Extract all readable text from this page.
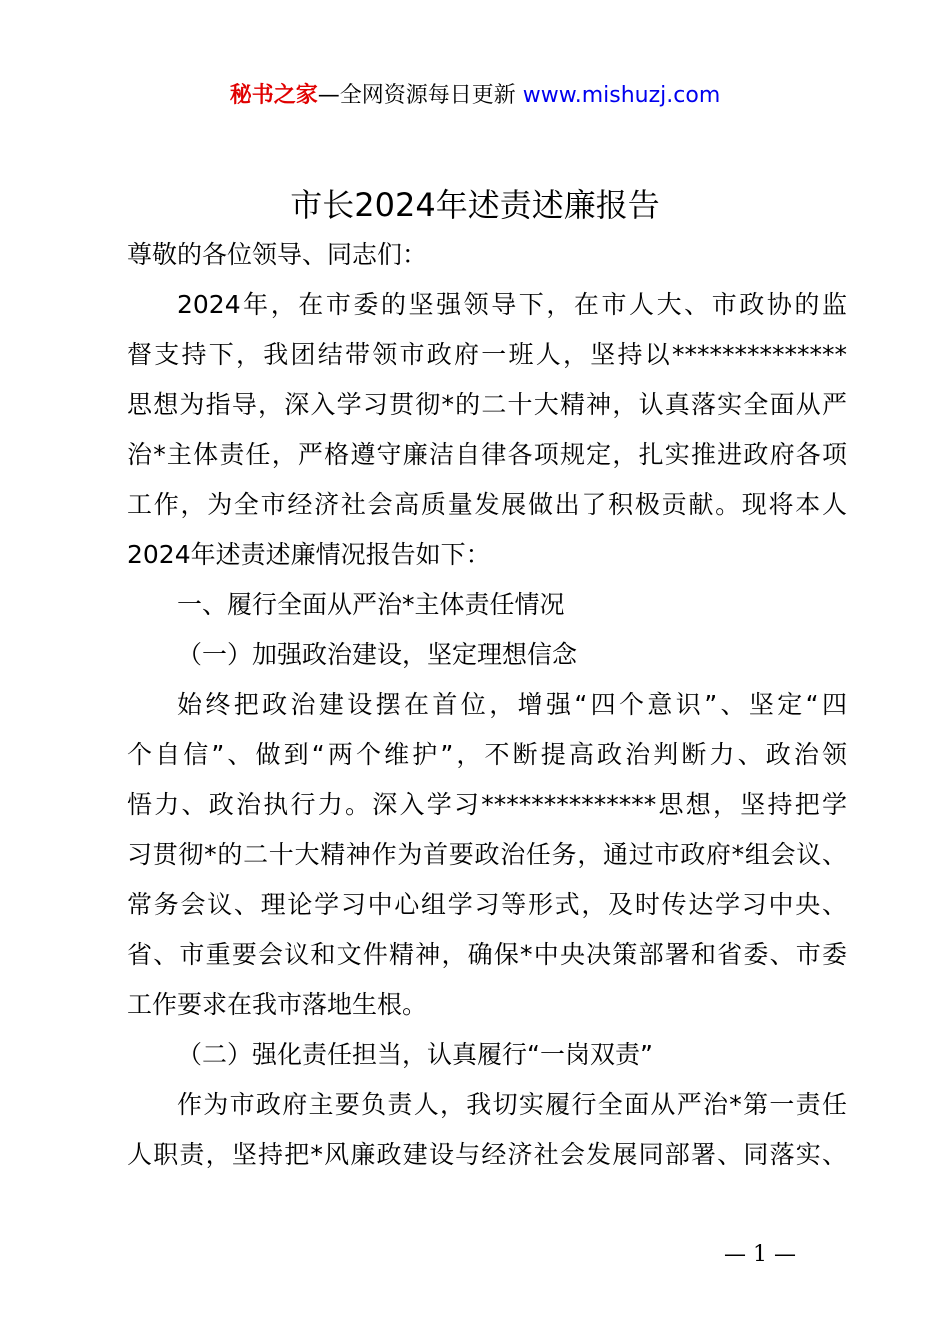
秘书之家—全网资源每日更新 www.mishuzj.com
市长2024年述责述廉报告
尊敬的各位领导、同志们：
2024年，在市委的坚强领导下，在市人大、市政协的监
督支持下，我团结带领市政府一班人，坚持以**************
思想为指导，深入学习贯彻*的二十大精神，认真落实全面从严
治*主体责任，严格遵守廉洁自律各项规定，扎实推进政府各项
工作，为全市经济社会高质量发展做出了积极贡献。现将本人
2024年述责述廉情况报告如下：
一、履行全面从严治*主体责任情况
（一）加强政治建设，坚定理想信念
始终把政治建设摆在首位，增强“四个意识”、坚定“四
个自信”、做到“两个维护”，不断提高政治判断力、政治领
悟力、政治执行力。深入学习**************思想，坚持把学
习贯彻*的二十大精神作为首要政治任务，通过市政府*组会议、
常务会议、理论学习中心组学习等形式，及时传达学习中央、
省、市重要会议和文件精神，确保*中央决策部署和省委、市委
工作要求在我市落地生根。
（二）强化责任担当，认真履行“一岗双责”
作为市政府主要负责人，我切实履行全面从严治*第一责任
人职责，坚持把*风廉政建设与经济社会发展同部署、同落实、
— 1 —
